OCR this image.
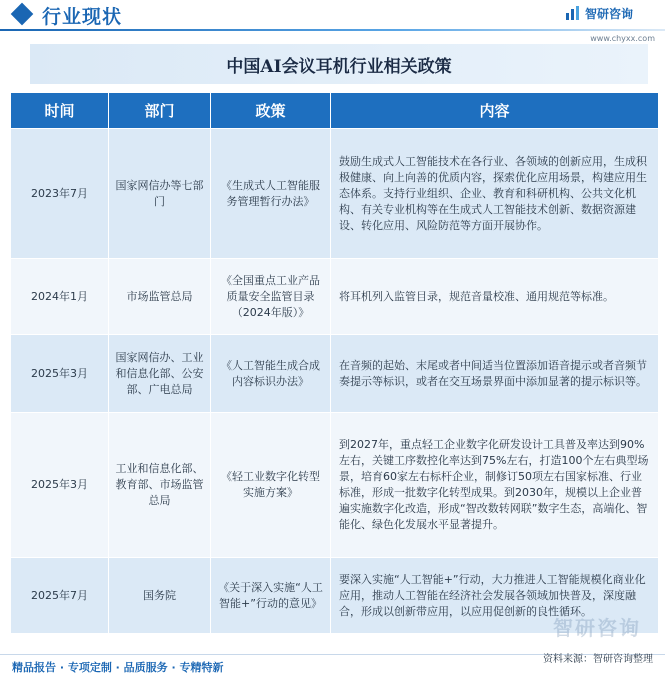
行业现状	智研咨询
www.chyxx.com
中国AI会议耳机行业相关政策
时间	部门	政策	内容
2023年7月	国家网信办等七部门	《生成式人工智能服务管理暂行办法》	鼓励生成式人工智能技术在各行业、各领域的创新应用，生成积极健康、向上向善的优质内容，探索优化应用场景，构建应用生态体系。支持行业组织、企业、教育和科研机构、公共文化机构、有关专业机构等在生成式人工智能技术创新、数据资源建设、转化应用、风险防范等方面开展协作。
2024年1月	市场监管总局	《全国重点工业产品质量安全监管目录（2024年版）》	将耳机列入监管目录，规范音量校准、通用规范等标准。
2025年3月	国家网信办、工业和信息化部、公安部、广电总局	《人工智能生成合成内容标识办法》	在音频的起始、末尾或者中间适当位置添加语音提示或者音频节奏提示等标识，或者在交互场景界面中添加显著的提示标识等。
2025年3月	工业和信息化部、教育部、市场监管总局	《轻工业数字化转型实施方案》	到2027年，重点轻工企业数字化研发设计工具普及率达到90%左右，关键工序数控化率达到75%左右，打造100个左右典型场景，培育60家左右标杆企业，制修订50项左右国家标准、行业标准，形成一批数字化转型成果。到2030年，规模以上企业普遍实施数字化改造，形成“智改数转网联”数字生态，高端化、智能化、绿色化发展水平显著提升。
2025年7月	国务院	《关于深入实施“人工智能+”行动的意见》	要深入实施“人工智能+”行动，大力推进人工智能规模化商业化应用，推动人工智能在经济社会发展各领域加快普及，深度融合，形成以创新带应用，以应用促创新的良性循环。
智研咨询
精品报告 · 专项定制 · 品质服务 · 专精特新
资料来源：智研咨询整理
